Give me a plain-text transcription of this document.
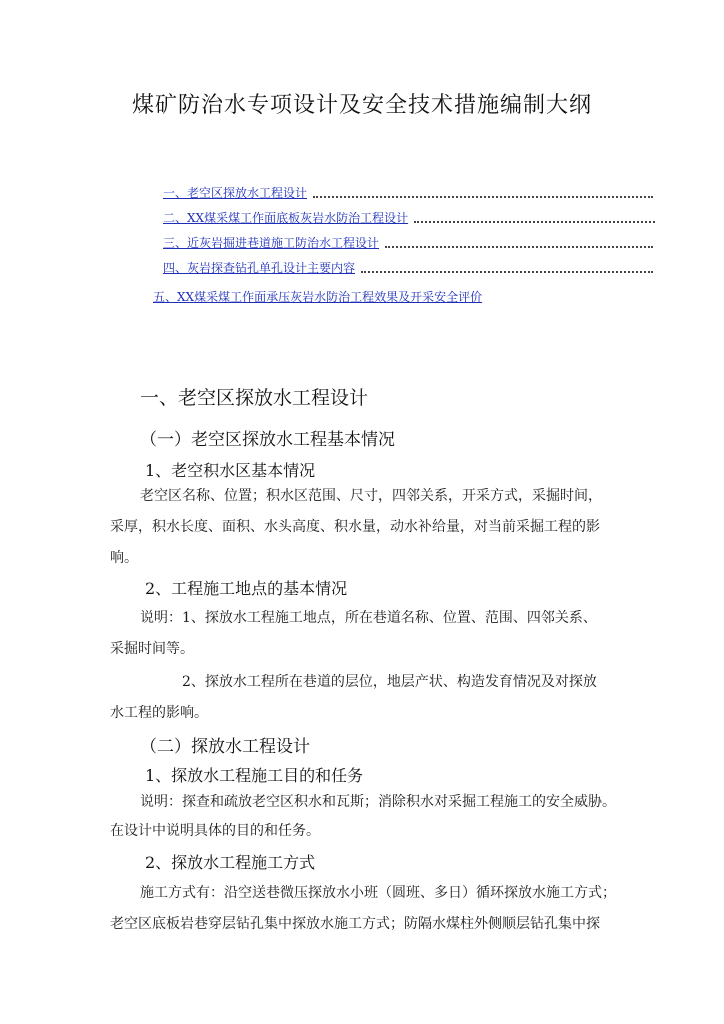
煤矿防治水专项设计及安全技术措施编制大纲
一、老空区探放水工程设计
二、XX煤采煤工作面底板灰岩水防治工程设计
三、近灰岩掘进巷道施工防治水工程设计
四、灰岩探查钻孔单孔设计主要内容
五、XX煤采煤工作面承压灰岩水防治工程效果及开采安全评价
一、老空区探放水工程设计
（一）老空区探放水工程基本情况
1、老空积水区基本情况
老空区名称、位置；积水区范围、尺寸，四邻关系，开采方式，采掘时间，
采厚，积水长度、面积、水头高度、积水量，动水补给量，对当前采掘工程的影
响。
2、工程施工地点的基本情况
说明：1、探放水工程施工地点，所在巷道名称、位置、范围、四邻关系、
采掘时间等。
2、探放水工程所在巷道的层位，地层产状、构造发育情况及对探放
水工程的影响。
（二）探放水工程设计
1、探放水工程施工目的和任务
说明：探查和疏放老空区积水和瓦斯；消除积水对采掘工程施工的安全威胁。
在设计中说明具体的目的和任务。
2、探放水工程施工方式
施工方式有：沿空送巷微压探放水小班（圆班、多日）循环探放水施工方式；
老空区底板岩巷穿层钻孔集中探放水施工方式；防隔水煤柱外侧顺层钻孔集中探
